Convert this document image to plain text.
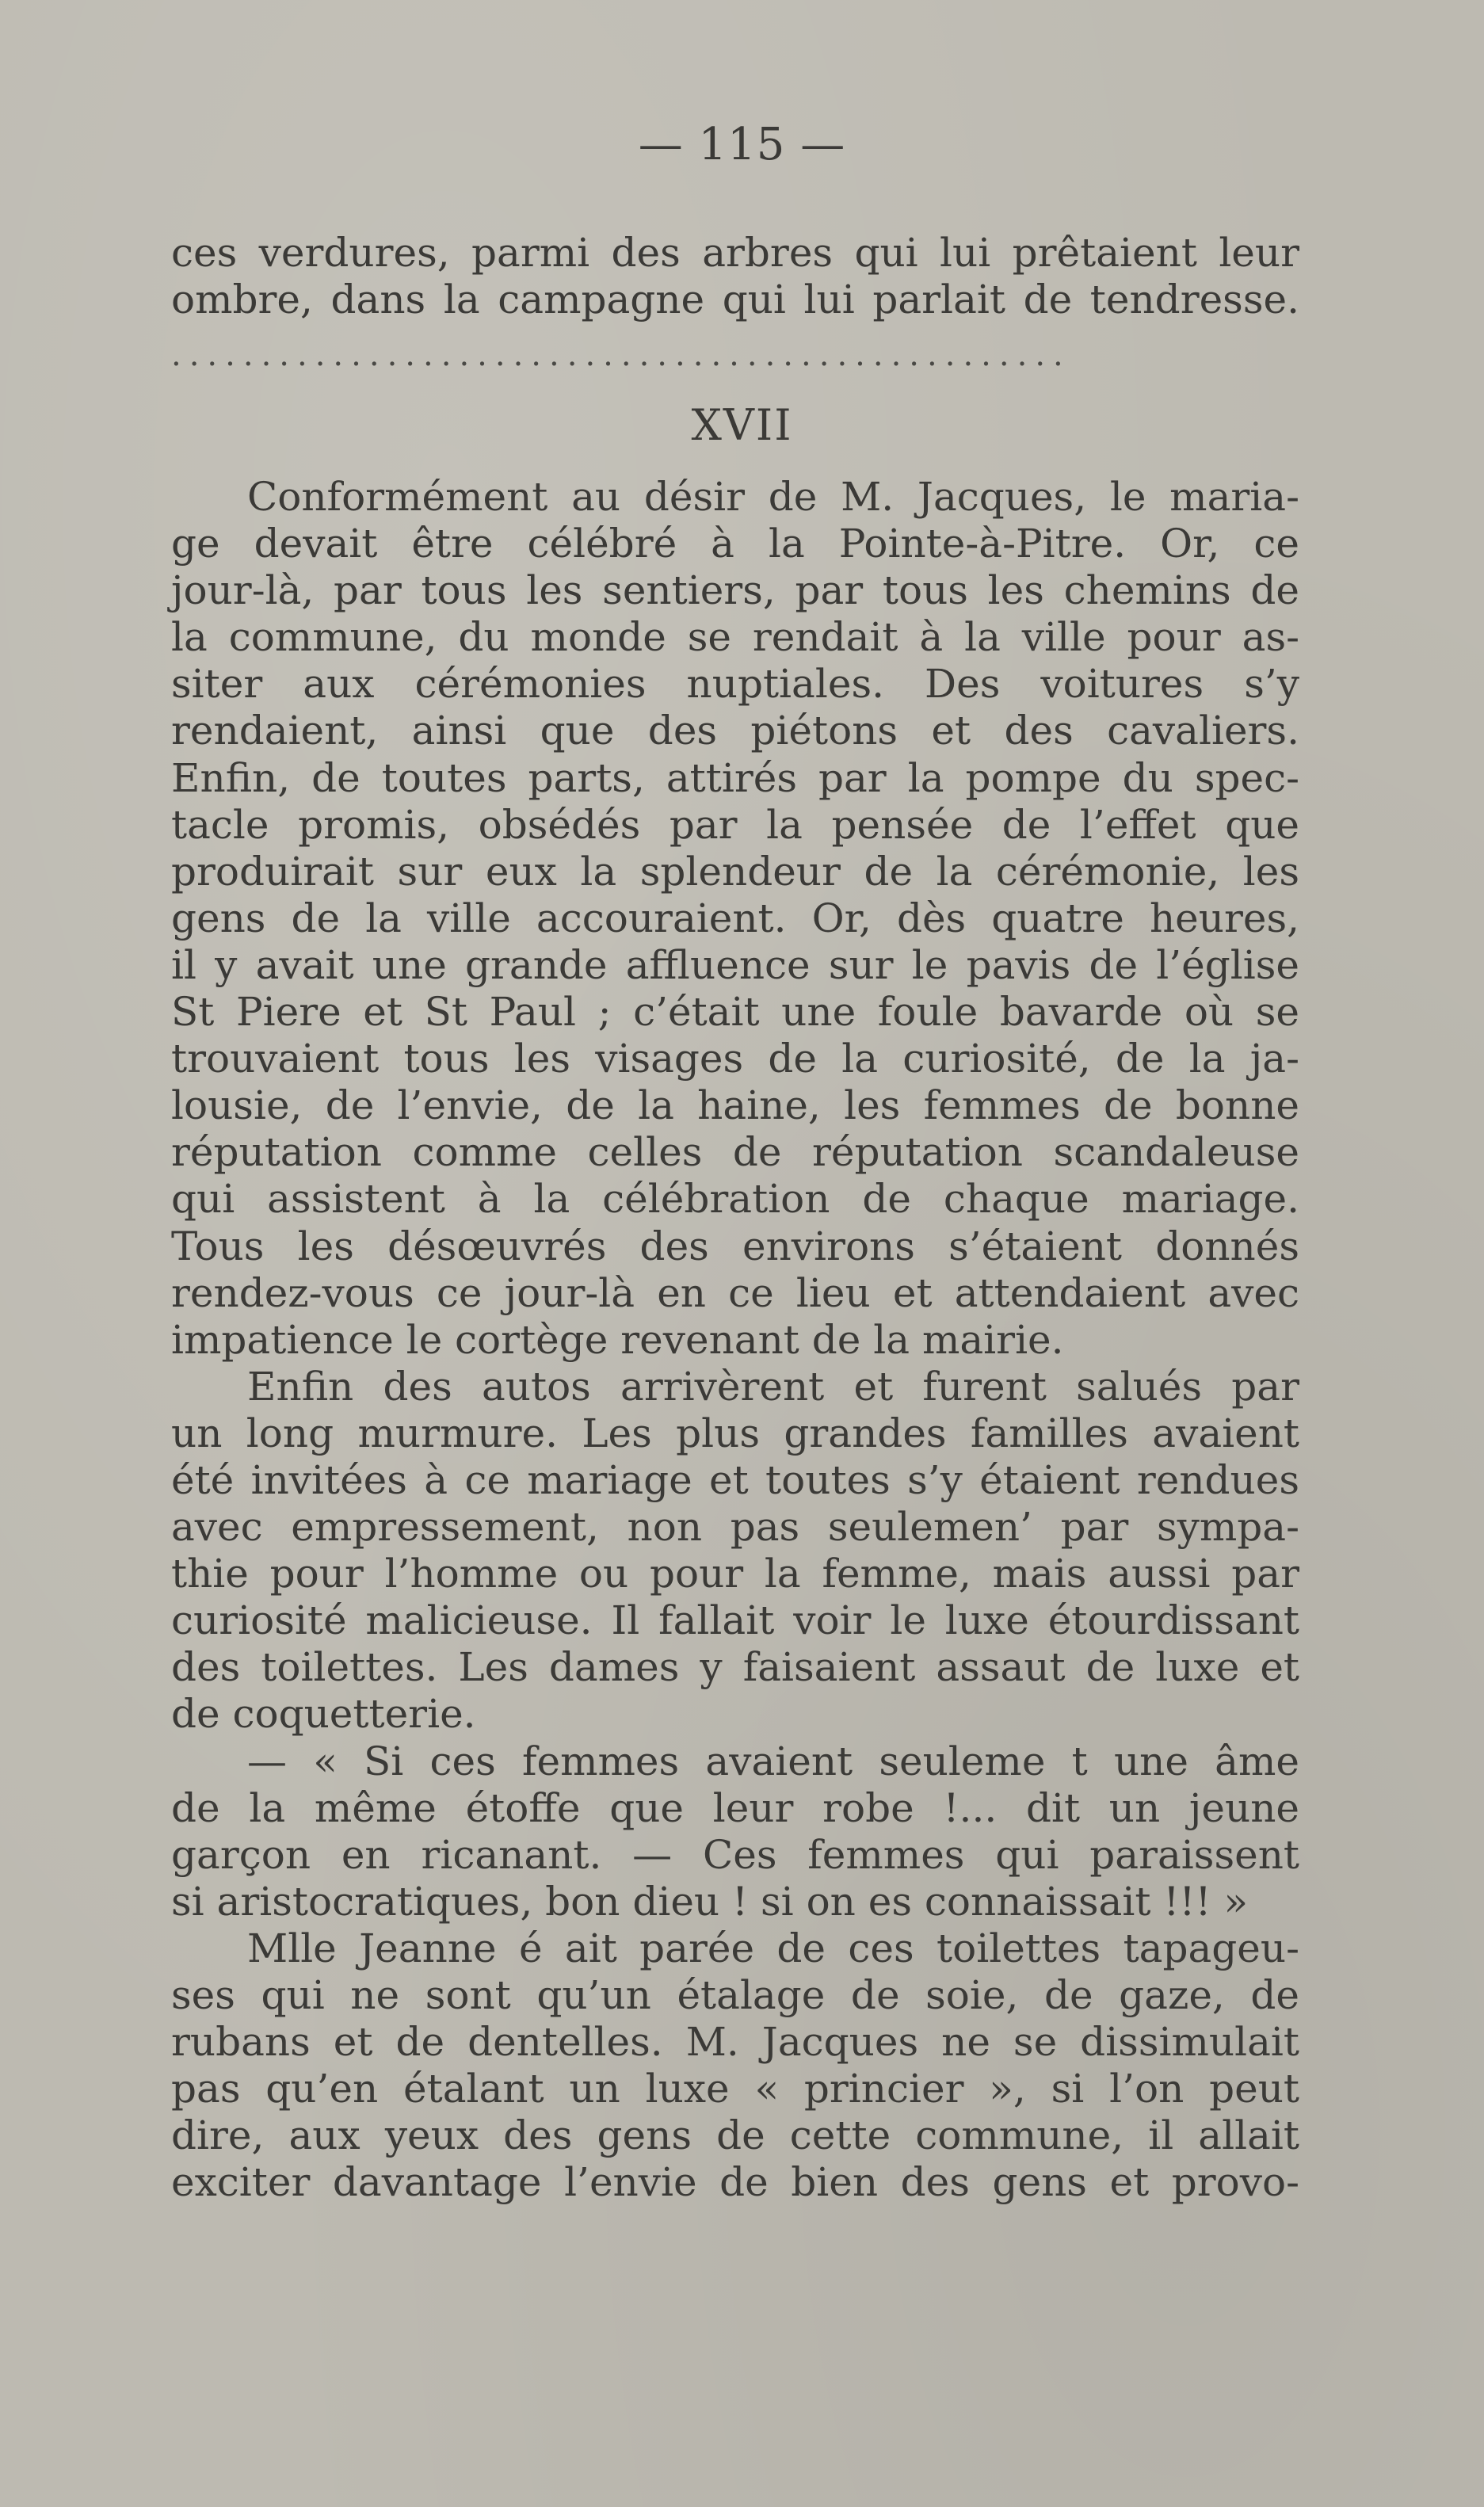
— 115 —
ces verdures, parmi des arbres qui lui prêtaient leur
ombre, dans la campagne qui lui parlait de tendresse.
..................................................
XVII
Conformément au désir de M. Jacques, le maria-
ge devait être célébré à la Pointe-à-Pitre. Or, ce
jour-là, par tous les sentiers, par tous les chemins de
la commune, du monde se rendait à la ville pour as-
siter aux cérémonies nuptiales. Des voitures s’y
rendaient, ainsi que des piétons et des cavaliers.
Enfin, de toutes parts, attirés par la pompe du spec-
tacle promis, obsédés par la pensée de l’effet que
produirait sur eux la splendeur de la cérémonie, les
gens de la ville accouraient. Or, dès quatre heures,
il y avait une grande affluence sur le pavis de l’église
St Piere et St Paul ; c’était une foule bavarde où se
trouvaient tous les visages de la curiosité, de la ja-
lousie, de l’envie, de la haine, les femmes de bonne
réputation comme celles de réputation scandaleuse
qui assistent à la célébration de chaque mariage.
Tous les désœuvrés des environs s’étaient donnés
rendez-vous ce jour-là en ce lieu et attendaient avec
impatience le cortège revenant de la mairie.
Enfin des autos arrivèrent et furent salués par
un long murmure. Les plus grandes familles avaient
été invitées à ce mariage et toutes s’y étaient rendues
avec empressement, non pas seulemen’ par sympa-
thie pour l’homme ou pour la femme, mais aussi par
curiosité malicieuse. Il fallait voir le luxe étourdissant
des toilettes. Les dames y faisaient assaut de luxe et
de coquetterie.
— « Si ces femmes avaient seuleme t une âme
de la même étoffe que leur robe !... dit un jeune
garçon en ricanant. — Ces femmes qui paraissent
si aristocratiques, bon dieu ! si on es connaissait !!! »
Mlle Jeanne é ait parée de ces toilettes tapageu-
ses qui ne sont qu’un étalage de soie, de gaze, de
rubans et de dentelles. M. Jacques ne se dissimulait
pas qu’en étalant un luxe « princier », si l’on peut
dire, aux yeux des gens de cette commune, il allait
exciter davantage l’envie de bien des gens et provo-
